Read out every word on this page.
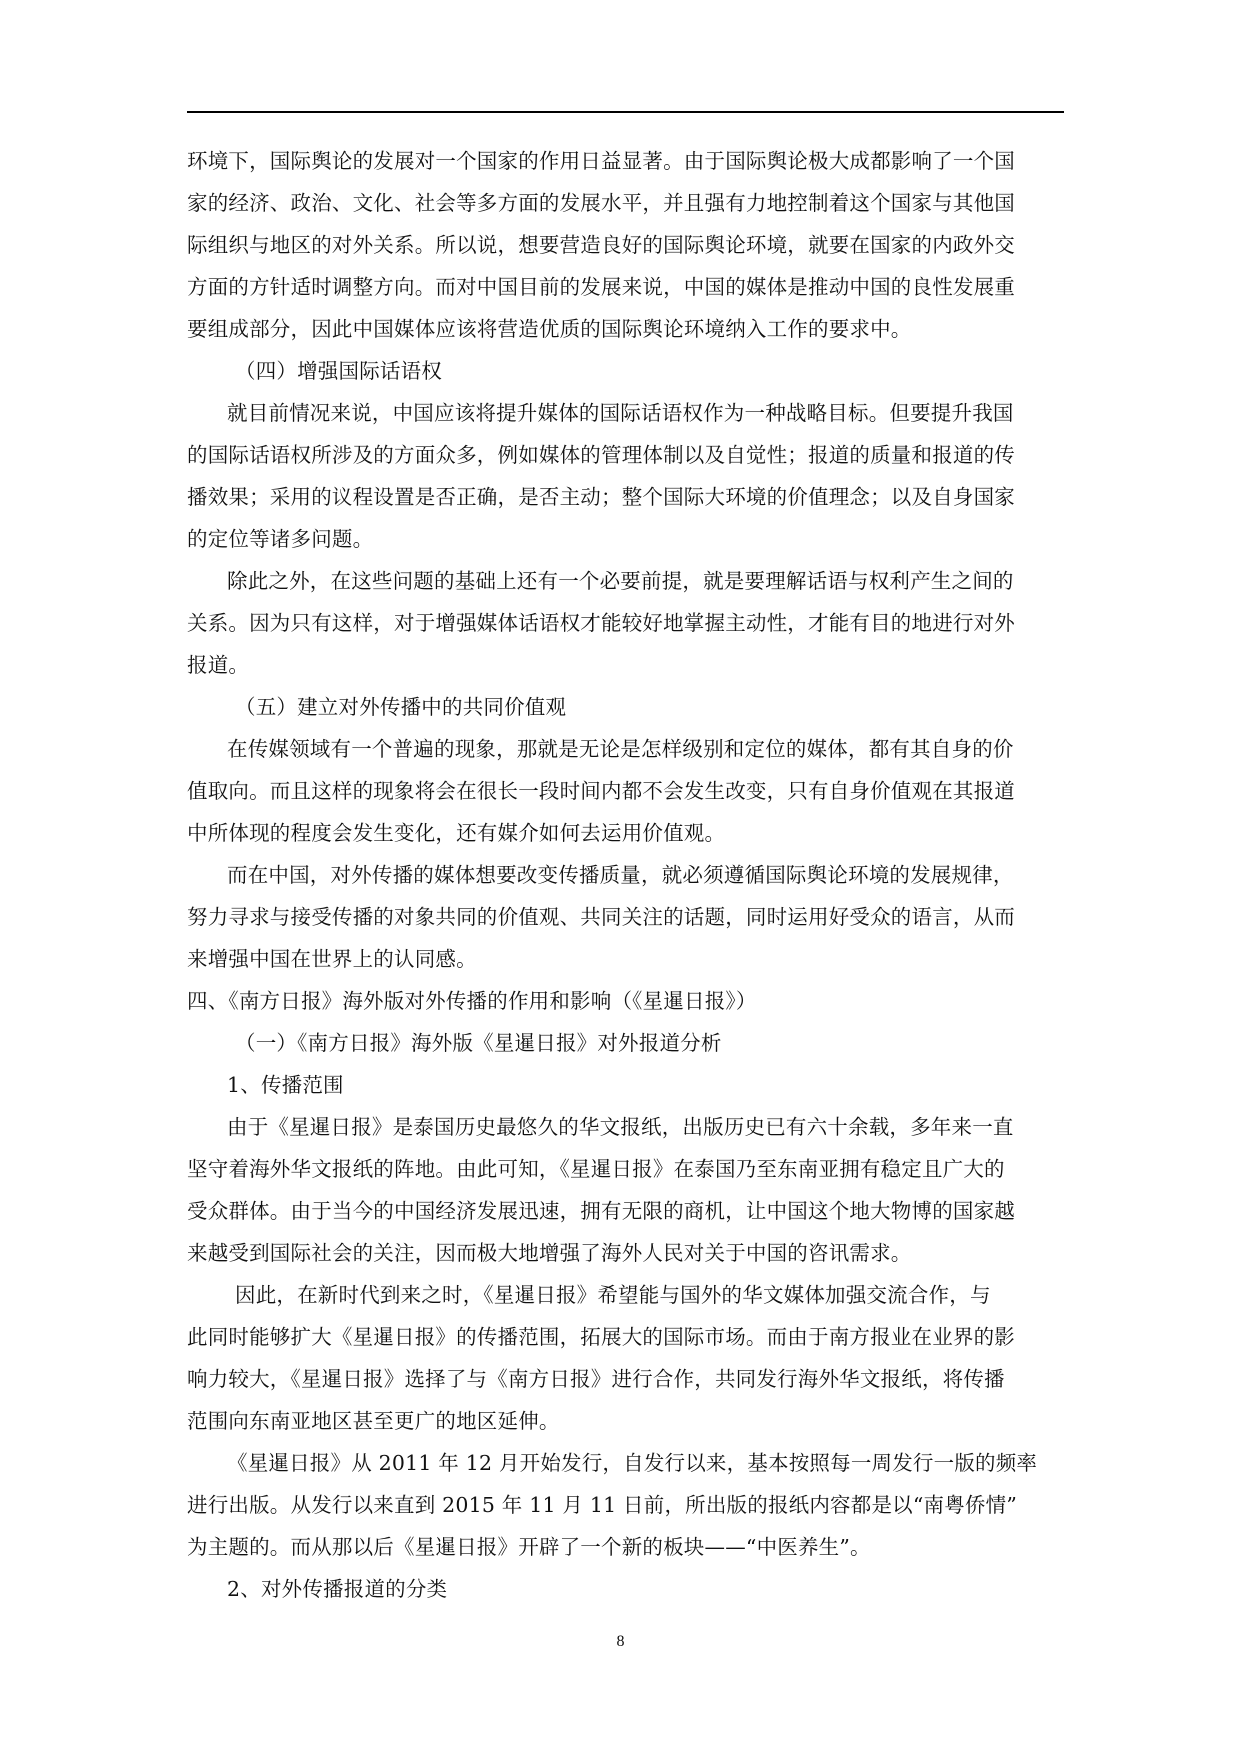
环境下，国际舆论的发展对一个国家的作用日益显著。由于国际舆论极大成都影响了一个国
家的经济、政治、文化、社会等多方面的发展水平，并且强有力地控制着这个国家与其他国
际组织与地区的对外关系。所以说，想要营造良好的国际舆论环境，就要在国家的内政外交
方面的方针适时调整方向。而对中国目前的发展来说，中国的媒体是推动中国的良性发展重
要组成部分，因此中国媒体应该将营造优质的国际舆论环境纳入工作的要求中。
（四）增强国际话语权
就目前情况来说，中国应该将提升媒体的国际话语权作为一种战略目标。但要提升我国
的国际话语权所涉及的方面众多，例如媒体的管理体制以及自觉性；报道的质量和报道的传
播效果；采用的议程设置是否正确，是否主动；整个国际大环境的价值理念；以及自身国家
的定位等诸多问题。
除此之外，在这些问题的基础上还有一个必要前提，就是要理解话语与权利产生之间的
关系。因为只有这样，对于增强媒体话语权才能较好地掌握主动性，才能有目的地进行对外
报道。
（五）建立对外传播中的共同价值观
在传媒领域有一个普遍的现象，那就是无论是怎样级别和定位的媒体，都有其自身的价
值取向。而且这样的现象将会在很长一段时间内都不会发生改变，只有自身价值观在其报道
中所体现的程度会发生变化，还有媒介如何去运用价值观。
而在中国，对外传播的媒体想要改变传播质量，就必须遵循国际舆论环境的发展规律，
努力寻求与接受传播的对象共同的价值观、共同关注的话题，同时运用好受众的语言，从而
来增强中国在世界上的认同感。
四、《南方日报》海外版对外传播的作用和影响（《星暹日报》）
（一）《南方日报》海外版《星暹日报》对外报道分析
1、传播范围
由于《星暹日报》是泰国历史最悠久的华文报纸，出版历史已有六十余载，多年来一直
坚守着海外华文报纸的阵地。由此可知，《星暹日报》在泰国乃至东南亚拥有稳定且广大的
受众群体。由于当今的中国经济发展迅速，拥有无限的商机，让中国这个地大物博的国家越
来越受到国际社会的关注，因而极大地增强了海外人民对关于中国的咨讯需求。
因此，在新时代到来之时，《星暹日报》希望能与国外的华文媒体加强交流合作，与
此同时能够扩大《星暹日报》的传播范围，拓展大的国际市场。而由于南方报业在业界的影
响力较大，《星暹日报》选择了与《南方日报》进行合作，共同发行海外华文报纸，将传播
范围向东南亚地区甚至更广的地区延伸。
《星暹日报》从 2011 年 12 月开始发行，自发行以来，基本按照每一周发行一版的频率
进行出版。从发行以来直到 2015 年 11 月 11 日前，所出版的报纸内容都是以“南粤侨情”
为主题的。而从那以后《星暹日报》开辟了一个新的板块——“中医养生”。
2、对外传播报道的分类
8
